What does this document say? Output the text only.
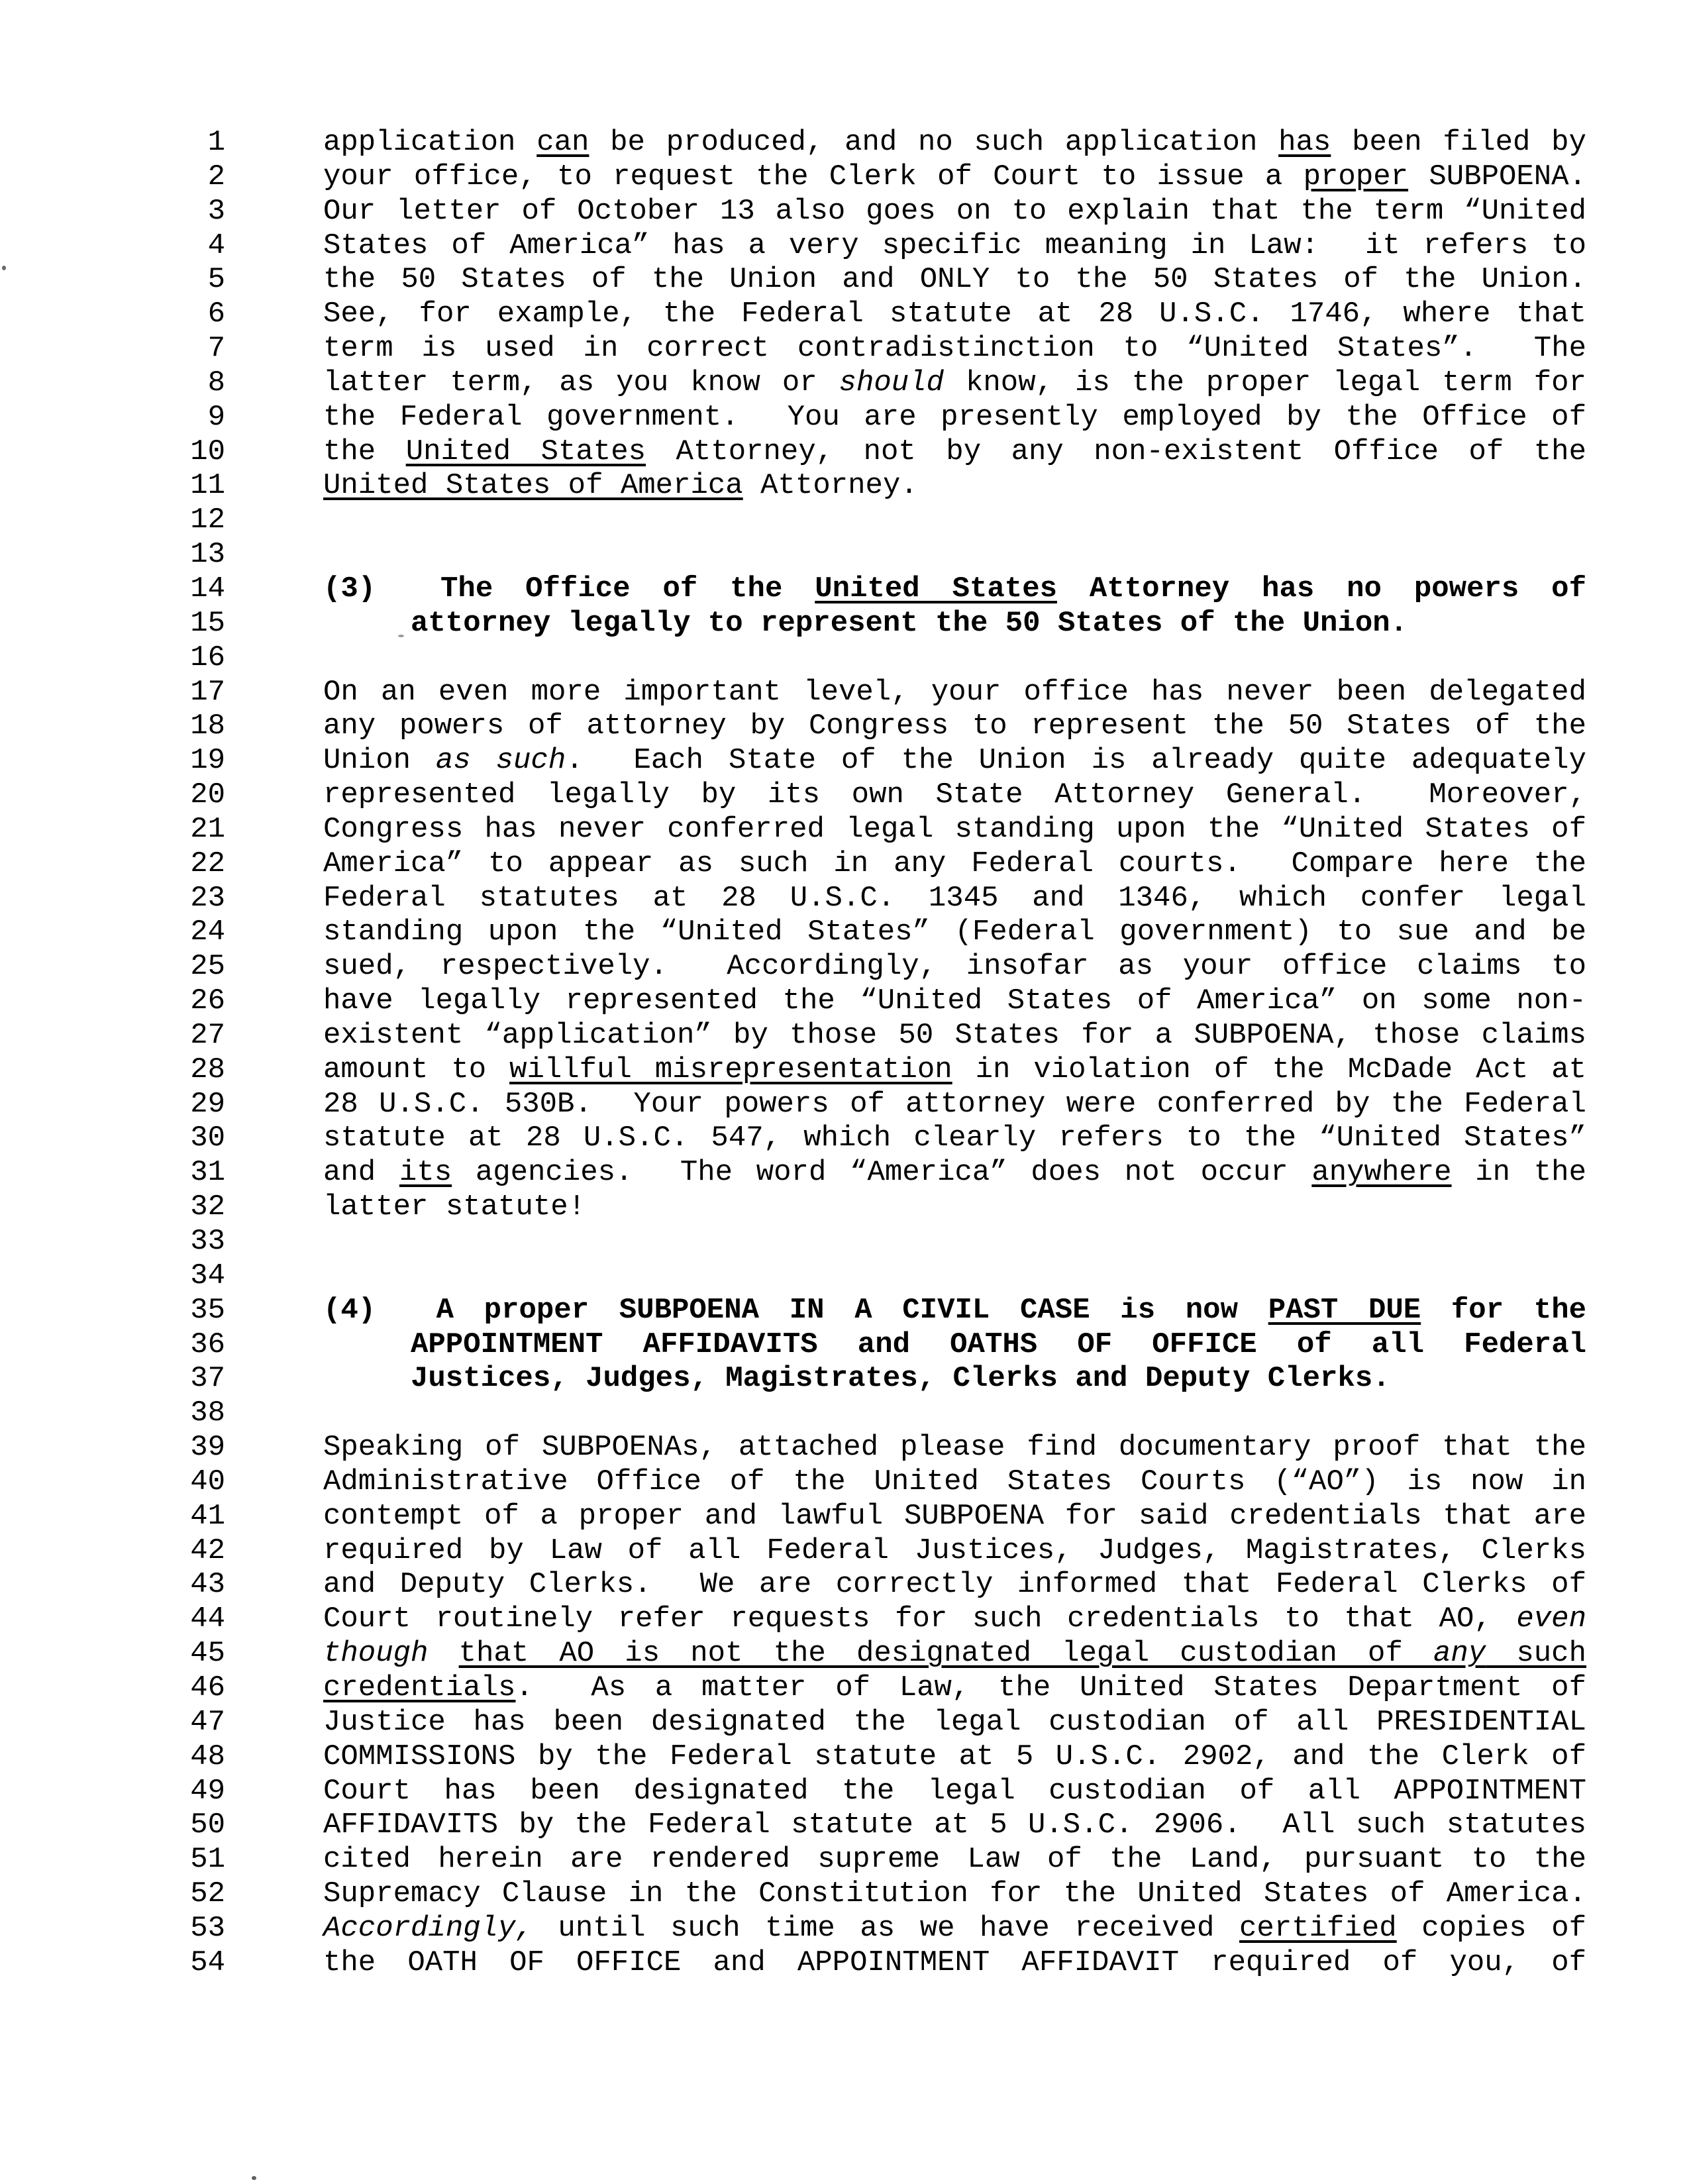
1	application can be produced, and no such application has been filed by
2	your office, to request the Clerk of Court to issue a proper SUBPOENA.
3	Our letter of October 13 also goes on to explain that the term “United
4	States of America” has a very specific meaning in Law:  it refers to
5	the 50 States of the Union and ONLY to the 50 States of the Union.
6	See, for example, the Federal statute at 28 U.S.C. 1746, where that
7	term is used in correct contradistinction to “United States”.  The
8	latter term, as you know or should know, is the proper legal term for
9	the Federal government.  You are presently employed by the Office of
10	the United States Attorney, not by any non-existent Office of the
11	United States of America Attorney.
12
13
14	(3)  The Office of the United States Attorney has no powers of
15	attorney legally to represent the 50 States of the Union.
16
17	On an even more important level, your office has never been delegated
18	any powers of attorney by Congress to represent the 50 States of the
19	Union as such.  Each State of the Union is already quite adequately
20	represented legally by its own State Attorney General.  Moreover,
21	Congress has never conferred legal standing upon the “United States of
22	America” to appear as such in any Federal courts.  Compare here the
23	Federal statutes at 28 U.S.C. 1345 and 1346, which confer legal
24	standing upon the “United States” (Federal government) to sue and be
25	sued, respectively.  Accordingly, insofar as your office claims to
26	have legally represented the “United States of America” on some non-
27	existent “application” by those 50 States for a SUBPOENA, those claims
28	amount to willful misrepresentation in violation of the McDade Act at
29	28 U.S.C. 530B.  Your powers of attorney were conferred by the Federal
30	statute at 28 U.S.C. 547, which clearly refers to the “United States”
31	and its agencies.  The word “America” does not occur anywhere in the
32	latter statute!
33
34
35	(4)  A proper SUBPOENA IN A CIVIL CASE is now PAST DUE for the
36	APPOINTMENT AFFIDAVITS and OATHS OF OFFICE of all Federal
37	Justices, Judges, Magistrates, Clerks and Deputy Clerks.
38
39	Speaking of SUBPOENAs, attached please find documentary proof that the
40	Administrative Office of the United States Courts (“AO”) is now in
41	contempt of a proper and lawful SUBPOENA for said credentials that are
42	required by Law of all Federal Justices, Judges, Magistrates, Clerks
43	and Deputy Clerks.  We are correctly informed that Federal Clerks of
44	Court routinely refer requests for such credentials to that AO, even
45	though that AO is not the designated legal custodian of any such
46	credentials.  As a matter of Law, the United States Department of
47	Justice has been designated the legal custodian of all PRESIDENTIAL
48	COMMISSIONS by the Federal statute at 5 U.S.C. 2902, and the Clerk of
49	Court has been designated the legal custodian of all APPOINTMENT
50	AFFIDAVITS by the Federal statute at 5 U.S.C. 2906.  All such statutes
51	cited herein are rendered supreme Law of the Land, pursuant to the
52	Supremacy Clause in the Constitution for the United States of America.
53	Accordingly, until such time as we have received certified copies of
54	the OATH OF OFFICE and APPOINTMENT AFFIDAVIT required of you, of
